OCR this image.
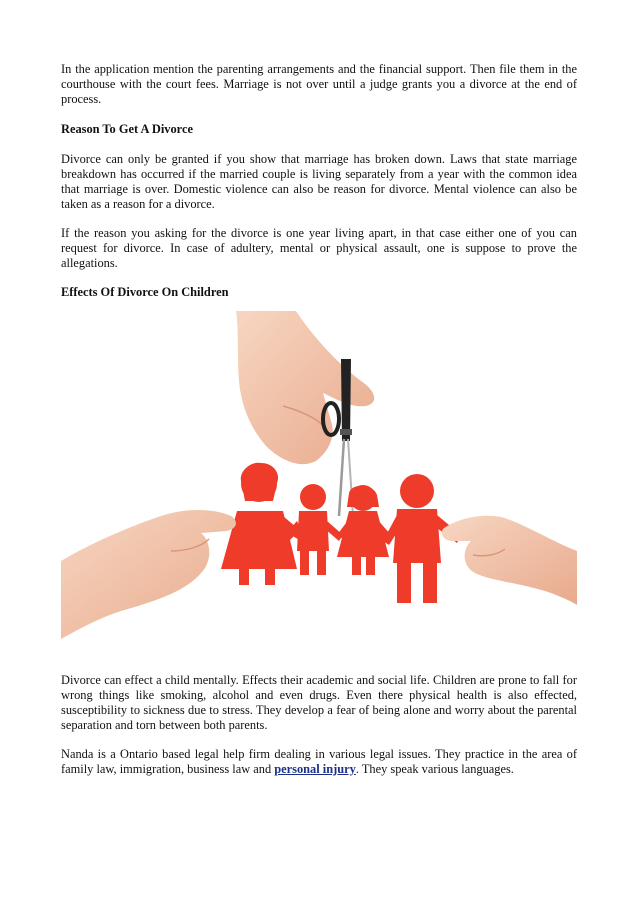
In the application mention the parenting arrangements and the financial support. Then file them in the courthouse with the court fees. Marriage is not over until a judge grants you a divorce at the end of process.

Reason To Get A Divorce

Divorce can only be granted if you show that marriage has broken down. Laws that state marriage breakdown has occurred if the married couple is living separately from a year with the common idea that marriage is over. Domestic violence can also be reason for divorce. Mental violence can also be taken as a reason for a divorce.

If the reason you asking for the divorce is one year living apart, in that case either one of you can request for divorce. In case of adultery, mental or physical assault, one is suppose to prove the allegations.

Effects Of Divorce On Children

Divorce can effect a child mentally. Effects their academic and social life. Children are prone to fall for wrong things like smoking, alcohol and even drugs. Even there physical health is also effected, susceptibility to sickness due to stress. They develop a fear of being alone and worry about the parental separation and torn between both parents.

Nanda is a Ontario based legal help firm dealing in various legal issues. They practice in the area of family law, immigration, business law and personal injury. They speak various languages.
